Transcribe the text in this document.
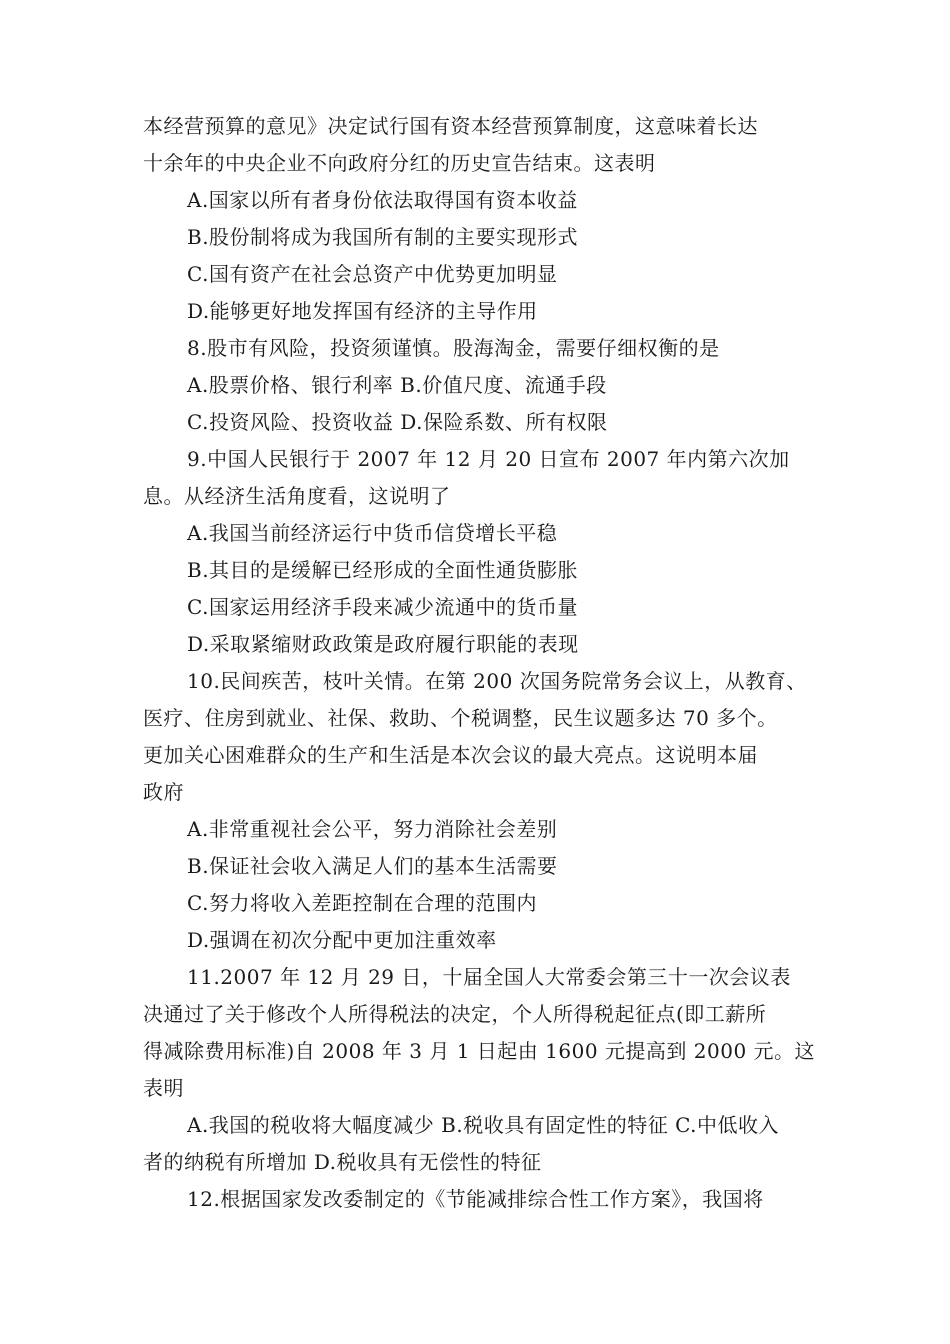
本经营预算的意见》决定试行国有资本经营预算制度，这意味着长达
十余年的中央企业不向政府分红的历史宣告结束。这表明
A.国家以所有者身份依法取得国有资本收益
B.股份制将成为我国所有制的主要实现形式
C.国有资产在社会总资产中优势更加明显
D.能够更好地发挥国有经济的主导作用
8.股市有风险，投资须谨慎。股海淘金，需要仔细权衡的是
A.股票价格、银行利率 B.价值尺度、流通手段
C.投资风险、投资收益 D.保险系数、所有权限
9.中国人民银行于 2007 年 12 月 20 日宣布 2007 年内第六次加
息。从经济生活角度看，这说明了
A.我国当前经济运行中货币信贷增长平稳
B.其目的是缓解已经形成的全面性通货膨胀
C.国家运用经济手段来减少流通中的货币量
D.采取紧缩财政政策是政府履行职能的表现
10.民间疾苦，枝叶关情。在第 200 次国务院常务会议上，从教育、
医疗、住房到就业、社保、救助、个税调整，民生议题多达 70 多个。
更加关心困难群众的生产和生活是本次会议的最大亮点。这说明本届
政府
A.非常重视社会公平，努力消除社会差别
B.保证社会收入满足人们的基本生活需要
C.努力将收入差距控制在合理的范围内
D.强调在初次分配中更加注重效率
11.2007 年 12 月 29 日，十届全国人大常委会第三十一次会议表
决通过了关于修改个人所得税法的决定，个人所得税起征点(即工薪所
得减除费用标准)自 2008 年 3 月 1 日起由 1600 元提高到 2000 元。这
表明
A.我国的税收将大幅度减少 B.税收具有固定性的特征 C.中低收入
者的纳税有所增加 D.税收具有无偿性的特征
12.根据国家发改委制定的《节能减排综合性工作方案》，我国将
